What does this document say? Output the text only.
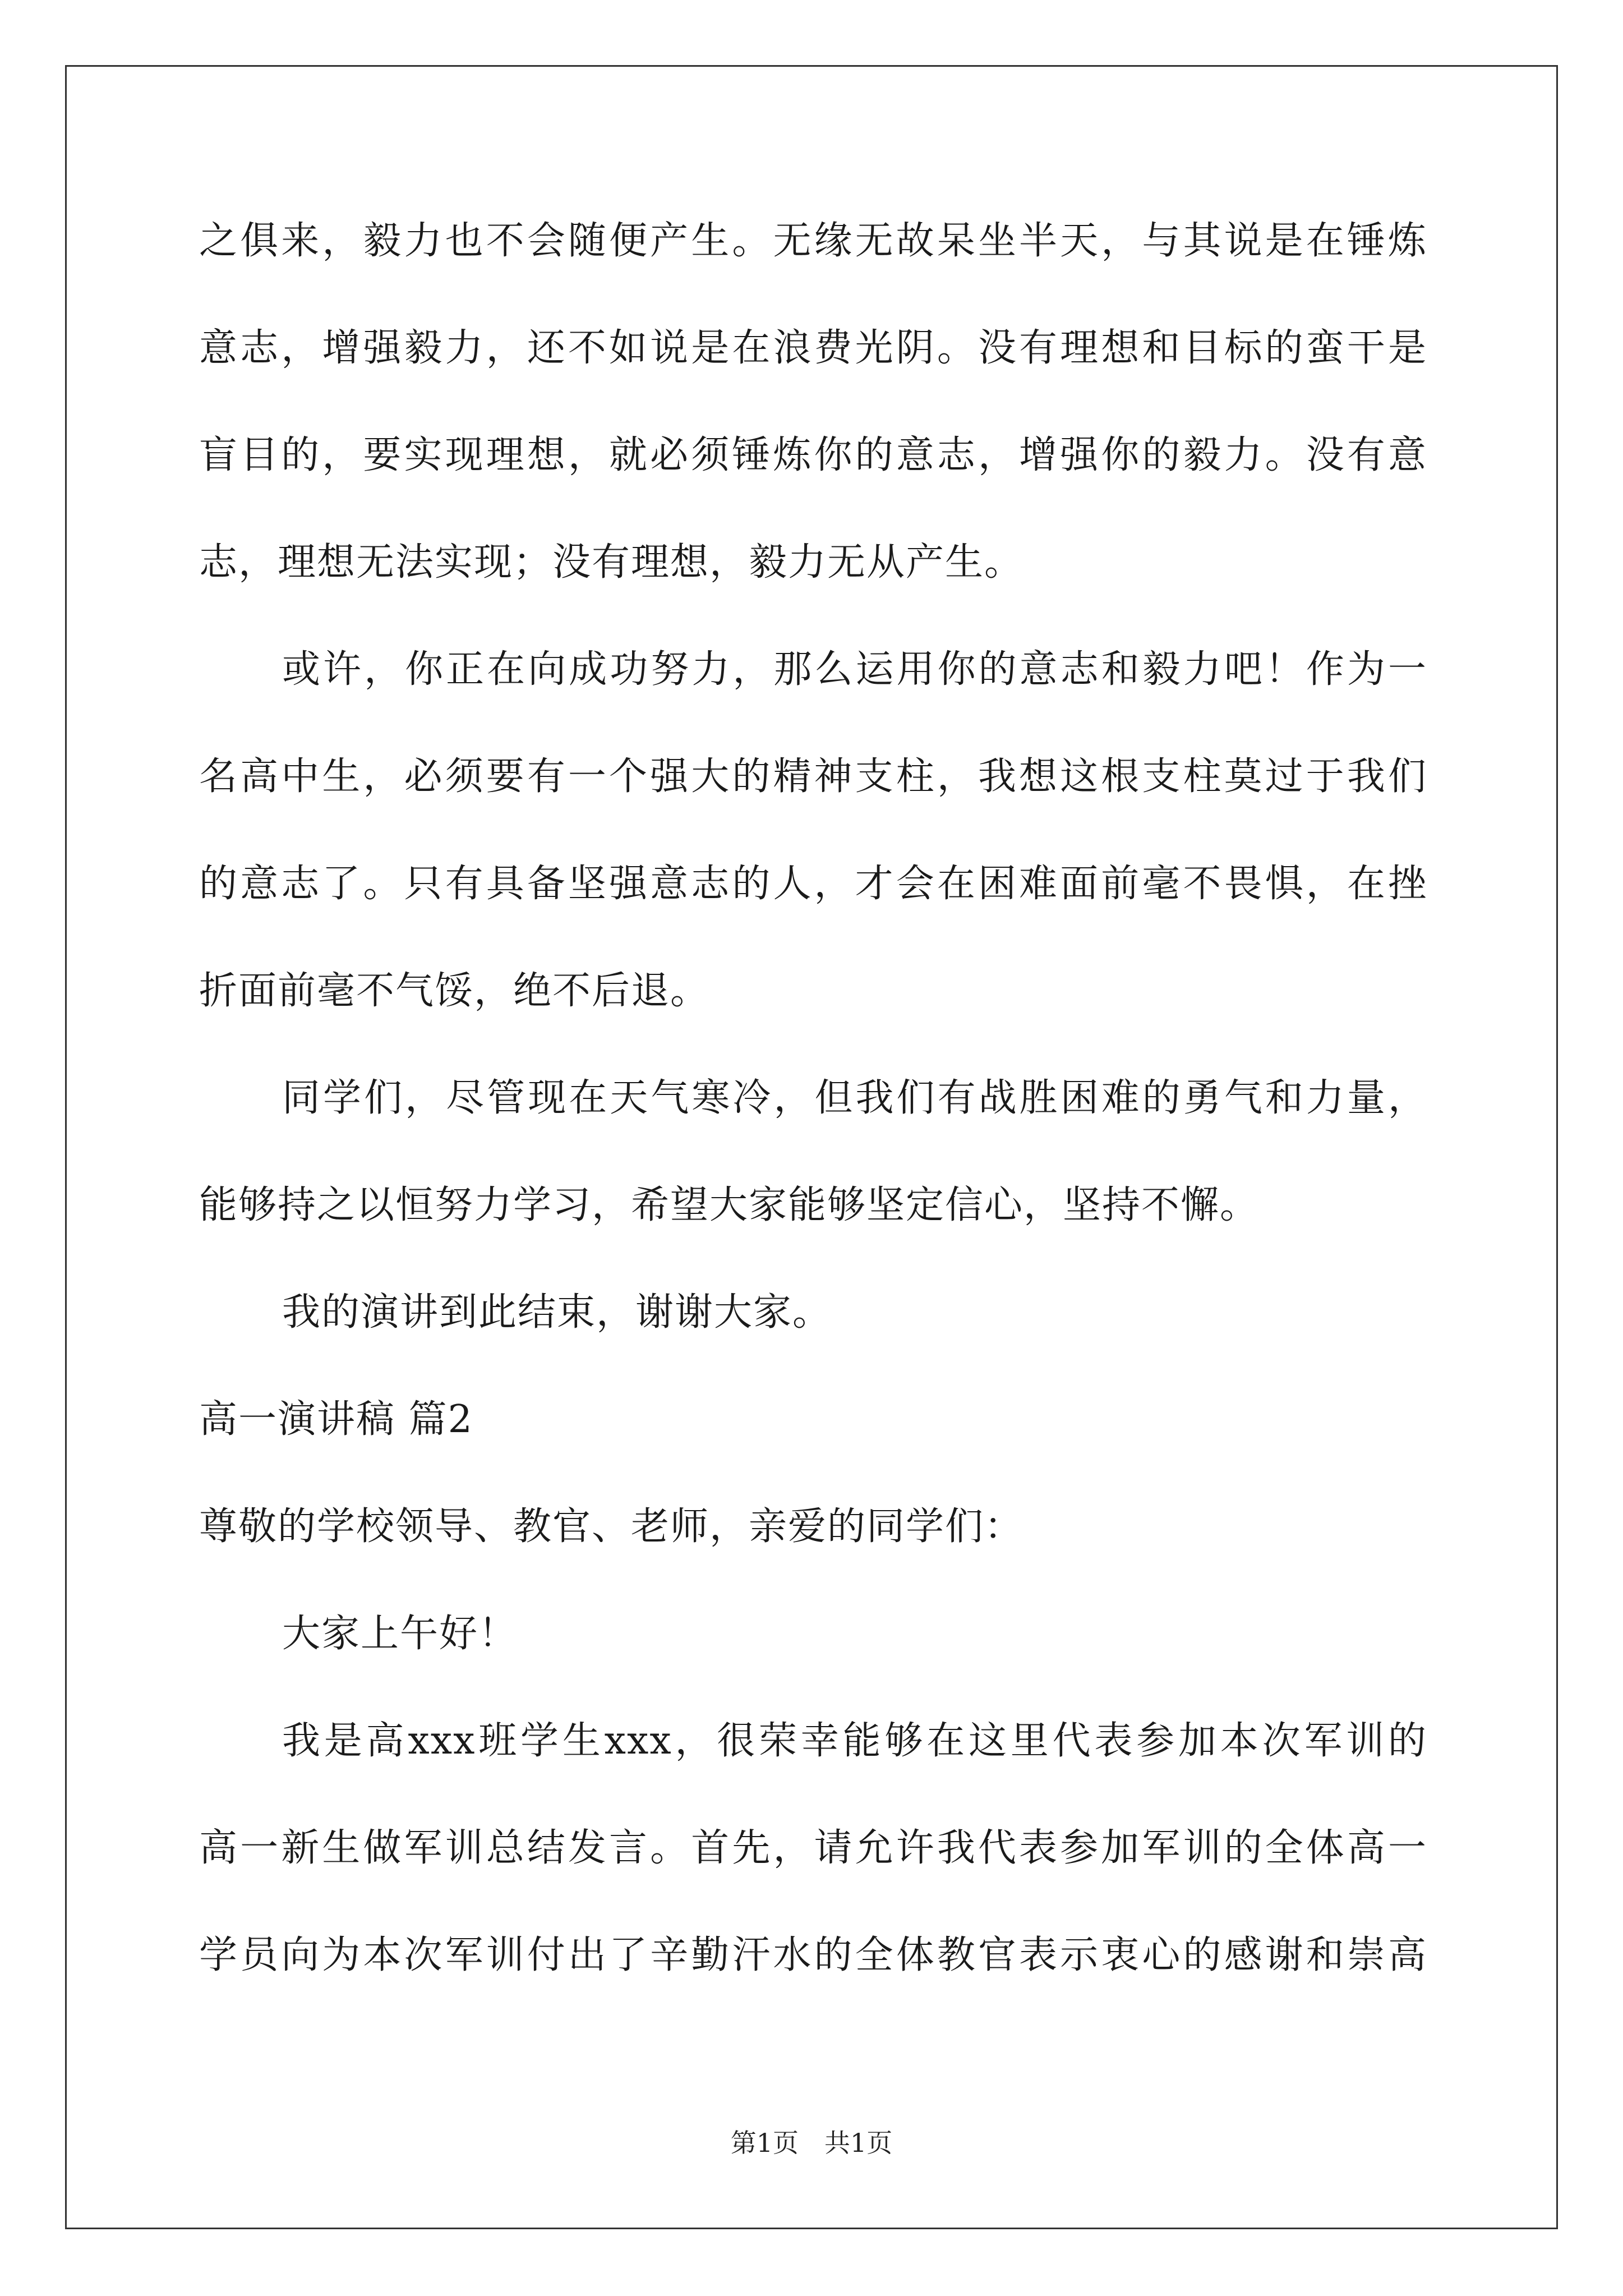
之俱来，毅力也不会随便产生。无缘无故呆坐半天，与其说是在锤炼
意志，增强毅力，还不如说是在浪费光阴。没有理想和目标的蛮干是
盲目的，要实现理想，就必须锤炼你的意志，增强你的毅力。没有意
志，理想无法实现；没有理想，毅力无从产生。
或许，你正在向成功努力，那么运用你的意志和毅力吧！作为一
名高中生，必须要有一个强大的精神支柱，我想这根支柱莫过于我们
的意志了。只有具备坚强意志的人，才会在困难面前毫不畏惧，在挫
折面前毫不气馁，绝不后退。
同学们，尽管现在天气寒冷，但我们有战胜困难的勇气和力量，
能够持之以恒努力学习，希望大家能够坚定信心，坚持不懈。
我的演讲到此结束，谢谢大家。
高一演讲稿 篇2
尊敬的学校领导、教官、老师，亲爱的同学们：
大家上午好！
我是高xxx班学生xxx，很荣幸能够在这里代表参加本次军训的
高一新生做军训总结发言。首先，请允许我代表参加军训的全体高一
学员向为本次军训付出了辛勤汗水的全体教官表示衷心的感谢和崇高
第1页　共1页
